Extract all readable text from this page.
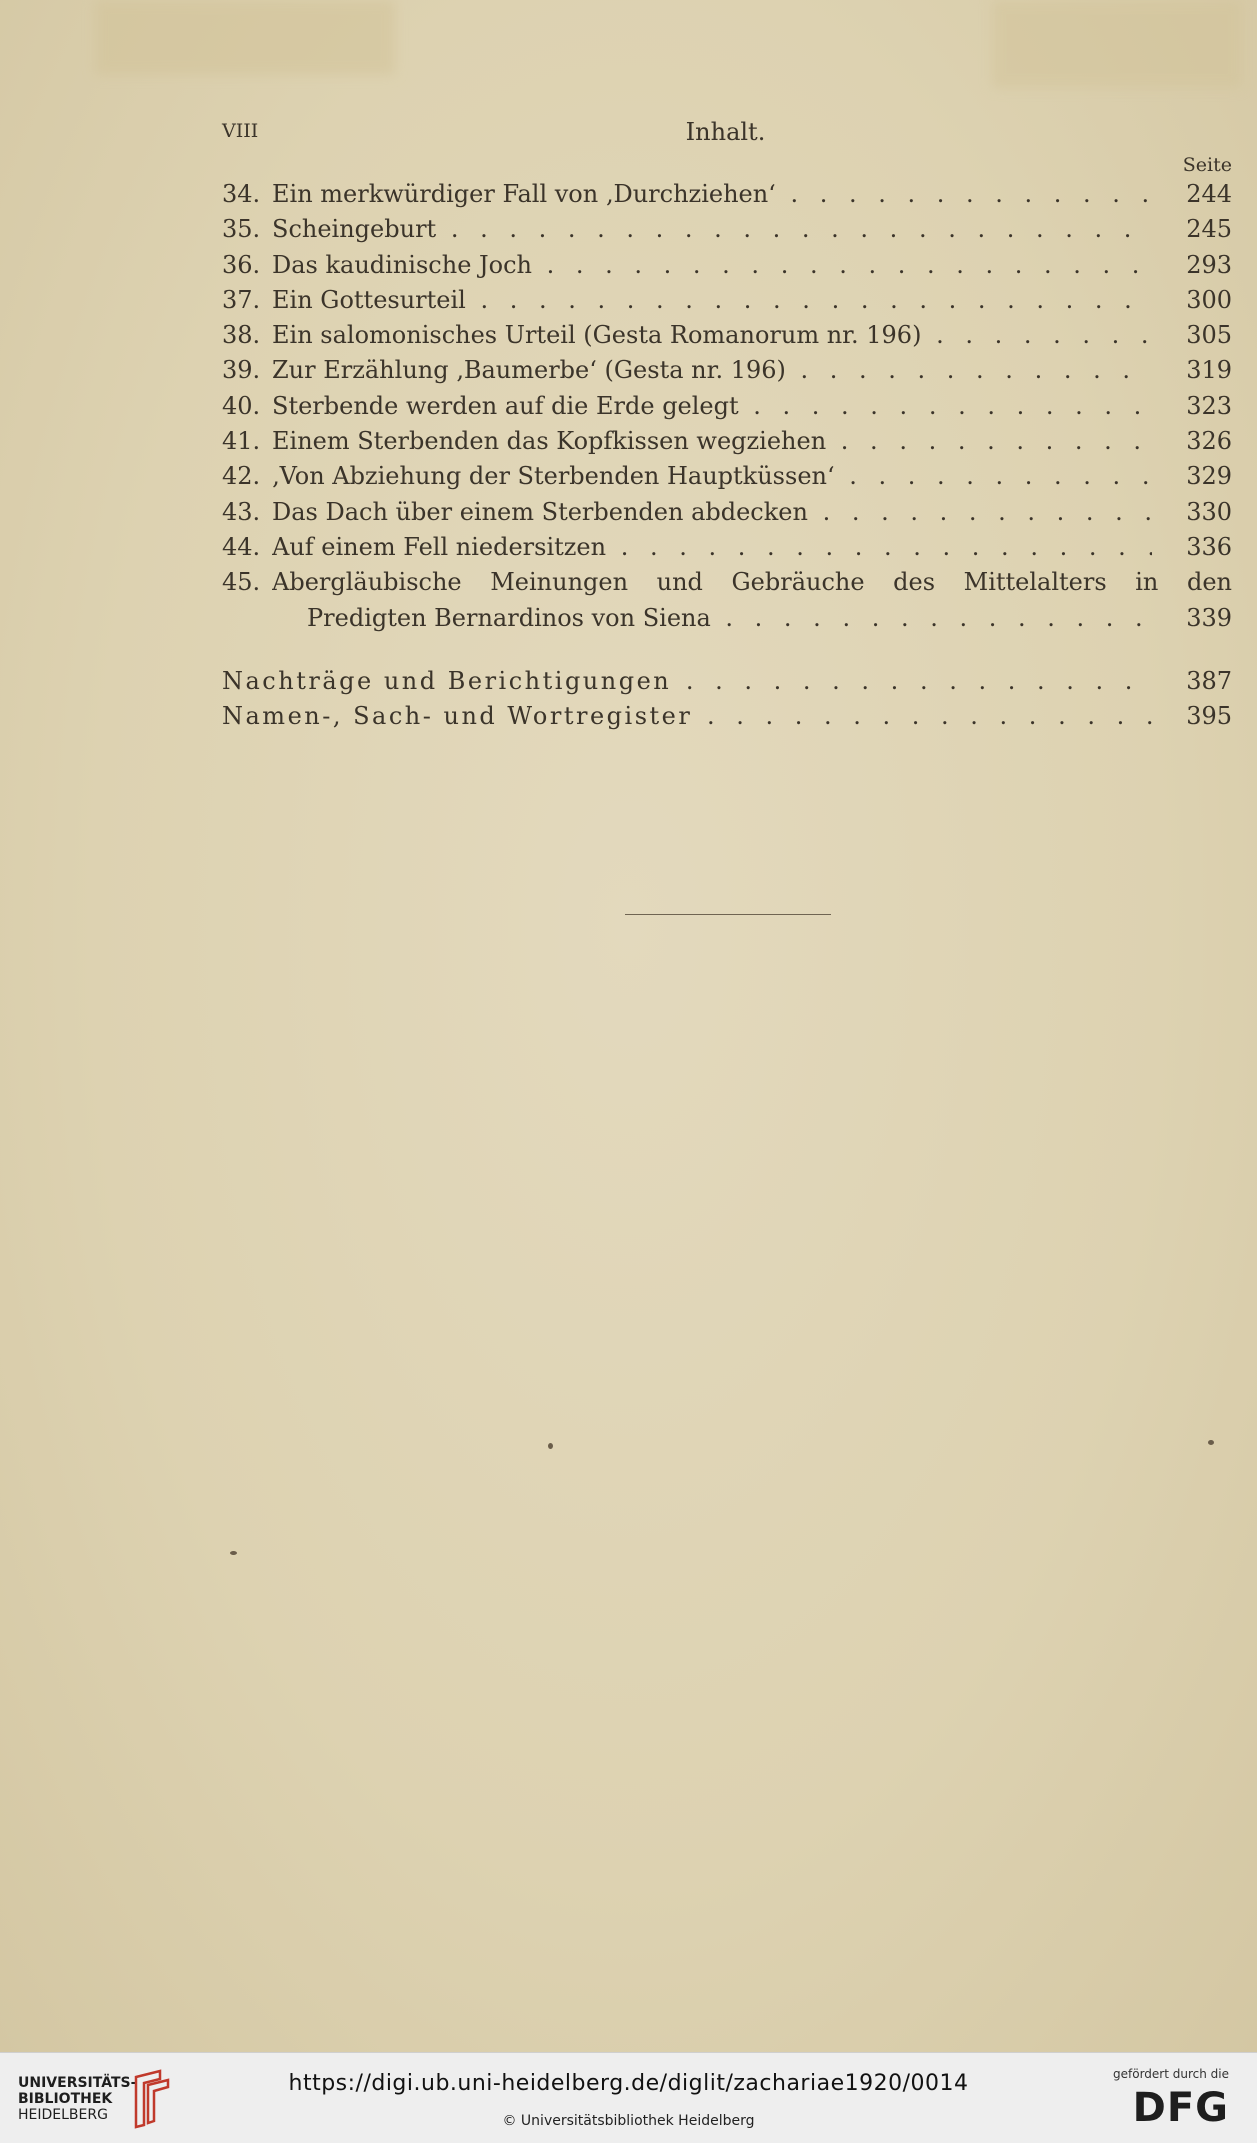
VIII	Inhalt.
Seite
34. Ein merkwürdiger Fall von ‚Durchziehen‘ . . .	244
35. Scheingeburt . . .	245
36. Das kaudinische Joch . . .	293
37. Ein Gottesurteil . . .	300
38. Ein salomonisches Urteil (Gesta Romanorum nr. 196) . . .	305
39. Zur Erzählung ‚Baumerbe‘ (Gesta nr. 196) . . .	319
40. Sterbende werden auf die Erde gelegt . . .	323
41. Einem Sterbenden das Kopfkissen wegziehen . . .	326
42. ‚Von Abziehung der Sterbenden Hauptküssen‘ . . .	329
43. Das Dach über einem Sterbenden abdecken . . .	330
44. Auf einem Fell niedersitzen . . .	336
45. Abergläubische Meinungen und Gebräuche des Mittelalters in den
Predigten Bernardinos von Siena . . .	339
Nachträge und Berichtigungen . . .	387
Namen-, Sach- und Wortregister . . .	395
UNIVERSITÄTS-
BIBLIOTHEK
HEIDELBERG
https://digi.ub.uni-heidelberg.de/diglit/zachariae1920/0014
© Universitätsbibliothek Heidelberg
gefördert durch die
DFG
